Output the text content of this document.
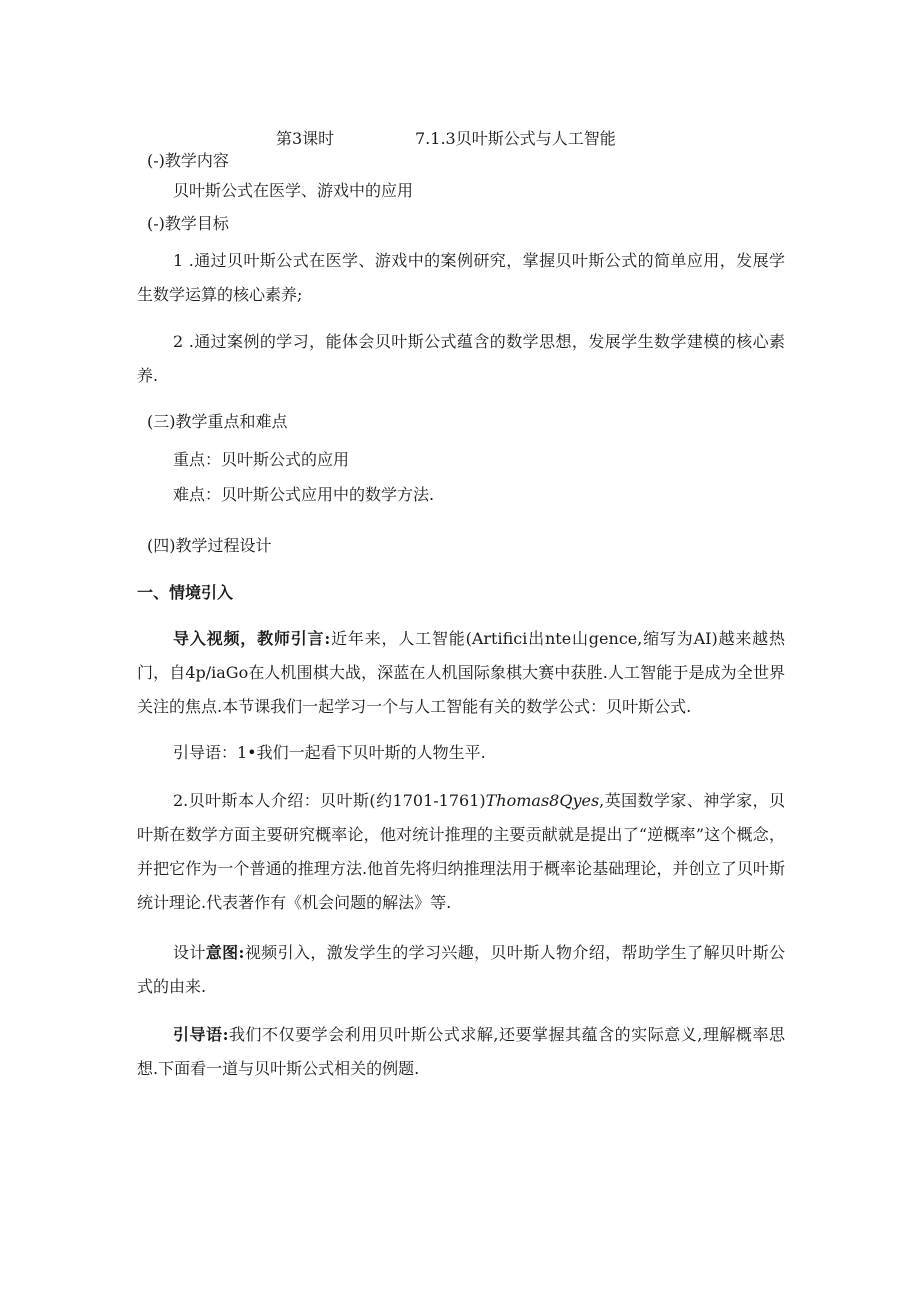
第3课时	7.1.3贝叶斯公式与人工智能
(-)教学内容
贝叶斯公式在医学、游戏中的应用
(-)教学目标
1 .通过贝叶斯公式在医学、游戏中的案例研究，掌握贝叶斯公式的简单应用，发展学生数学运算的核心素养;
2 .通过案例的学习，能体会贝叶斯公式蕴含的数学思想，发展学生数学建模的核心素养.
(三)教学重点和难点
重点：贝叶斯公式的应用
难点：贝叶斯公式应用中的数学方法.
(四)教学过程设计
一、情境引入
导入视频，教师引言:近年来，人工智能(Artifici出nte山gence,缩写为AI)越来越热门，自4p∕iaGo在人机围棋大战，深蓝在人机国际象棋大赛中获胜.人工智能于是成为全世界关注的焦点.本节课我们一起学习一个与人工智能有关的数学公式：贝叶斯公式.
引导语：1•我们一起看下贝叶斯的人物生平.
2.贝叶斯本人介绍：贝叶斯(约1701-1761)Thomas8Qyes,英国数学家、神学家，贝叶斯在数学方面主要研究概率论，他对统计推理的主要贡献就是提出了“逆概率”这个概念，并把它作为一个普通的推理方法.他首先将归纳推理法用于概率论基础理论，并创立了贝叶斯统计理论.代表著作有《机会问题的解法》等.
设计意图:视频引入，激发学生的学习兴趣，贝叶斯人物介绍，帮助学生了解贝叶斯公式的由来.
引导语:我们不仅要学会利用贝叶斯公式求解,还要掌握其蕴含的实际意义,理解概率思想.下面看一道与贝叶斯公式相关的例题.
